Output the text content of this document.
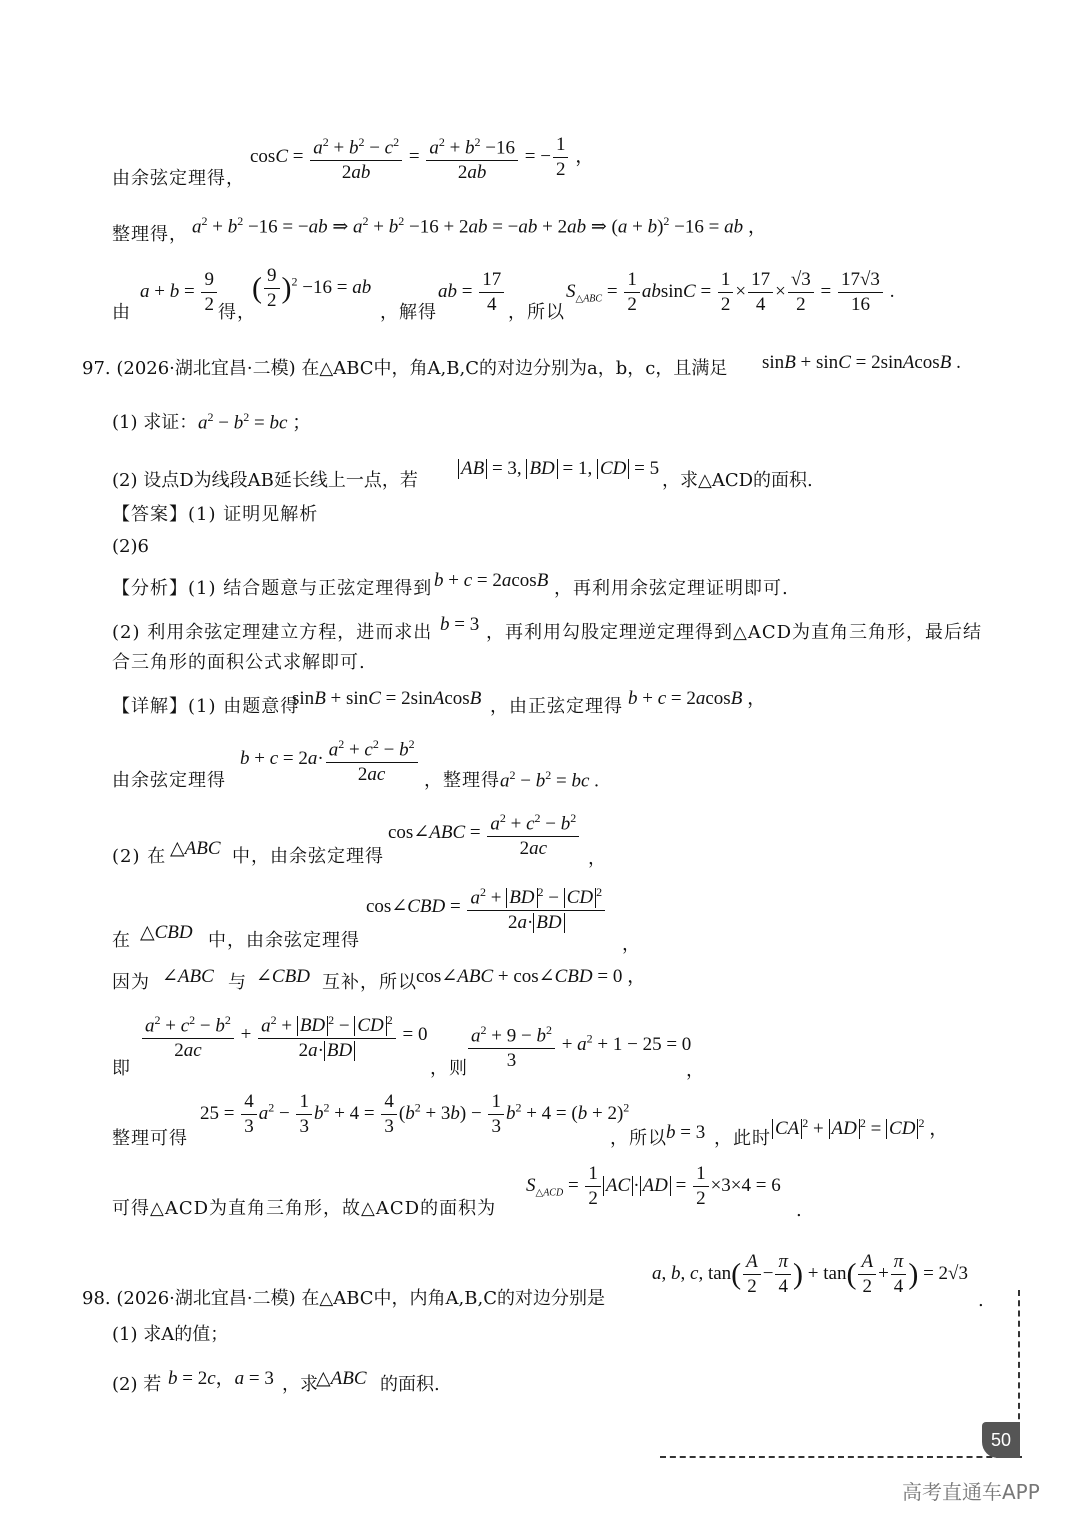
由余弦定理得，
$\cos C = \frac{a^2 + b^2 - c^2}{2ab} = \frac{a^2 + b^2 -16}{2ab}$ = − $\frac{1}{2}$ ，
整理得， $a^2 + b^2 -16 = -ab$ ⇒ $a^2 + b^2 -16 + 2ab = -ab + 2ab$ ⇒ $(a + b)^2 -16$ = ab ，
由
$a + b = \frac{9}{2}$ 得，
( $\frac{9}{2} )^2 -16$ = ab
，解得
ab = $\frac{17}{4}$ ，所以
$S_{\triangle ABC} = \frac{1}{2}$ $absinC = \frac{1}{2} \times \frac{17}{4} \times \frac{√3}{2} = \frac{17√3}{16}$ .
97. (2026·湖北宜昌·二模) 在△ABC中，角A,B,C的对边分别为a，b，c，且满足 sinB + sinC = 2sinAcosB .
(1) 求证： $a^2 - b^2$ = bc ；
(2) 设点D为线段AB延长线上一点，若
AB = 3, BD = 1, CD = 5
，求△ACD的面积.
【答案】(1) 证明见解析
(2)6
【分析】(1) 结合题意与正弦定理得到 b + c = 2acosB ，再利用余弦定理证明即可.
(2) 利用余弦定理建立方程，进而求出 b = 3 ，再利用勾股定理逆定理得到△ACD为直角三角形，最后结
合三角形的面积公式求解即可.
【详解】(1) 由题意得
sinB + sinC = 2sinAcosB ，由正弦定理得 b + c = 2acosB ，
由余弦定理得
$b + c = 2a\cdot \frac{a^2 + c^2 - b^2}{2ac}$ ，整理得 $a^2 - b^2$ = bc .
(2) 在 △ABC 中，由余弦定理得
cos∠ABC = $\frac{a^2 + c^2 - b^2}{2ac}$ ，
在 △CBD 中，由余弦定理得
cos∠CBD = $\frac{a^2 + BD ^2 - CD ^2}{2a\cdot BD}$
，
因为 ∠ABC 与 ∠CBD 互补，所以 cos∠ABC + cos∠CBD = 0 ，
即
$\frac{a^2 + c^2 - b^2}{2ac} + \frac{a^2 + BD ^2 - CD ^2}{2a\cdot BD} = 0$
，则 $\frac{a^2 + 9 - b^2}{3} + a^2 + 1 - 25 = 0$
，
整理可得
$25 = \frac{4}{3} a^2 - \frac{1}{3} b^2 + 4 = \frac{4}{3} (b^2 + 3b) - \frac{1}{3} b^2 + 4 = (b + 2)^2$
，所以 b = 3 ，此时 CA $^2$ + AD $^2$ = CD $^2$ ，
可得△ACD为直角三角形，故△ACD的面积为
$S_{\triangle ACD} = \frac{1}{2}$ AC · AD = $\frac{1}{2} \times 3\times 4 = 6$
.
a, b, c, $\tan( \frac{A}{2} - \frac{\pi}{4}$ ) + $\tan( \frac{A}{2} + \frac{\pi}{4}$ ) = 2√3
98. (2026·湖北宜昌·二模) 在△ABC中，内角A,B,C的对边分别是	.
(1) 求A的值；
(2) 若 b = 2c，a = 3 ，求
△ABC 的面积.
50
高考直通车APP
